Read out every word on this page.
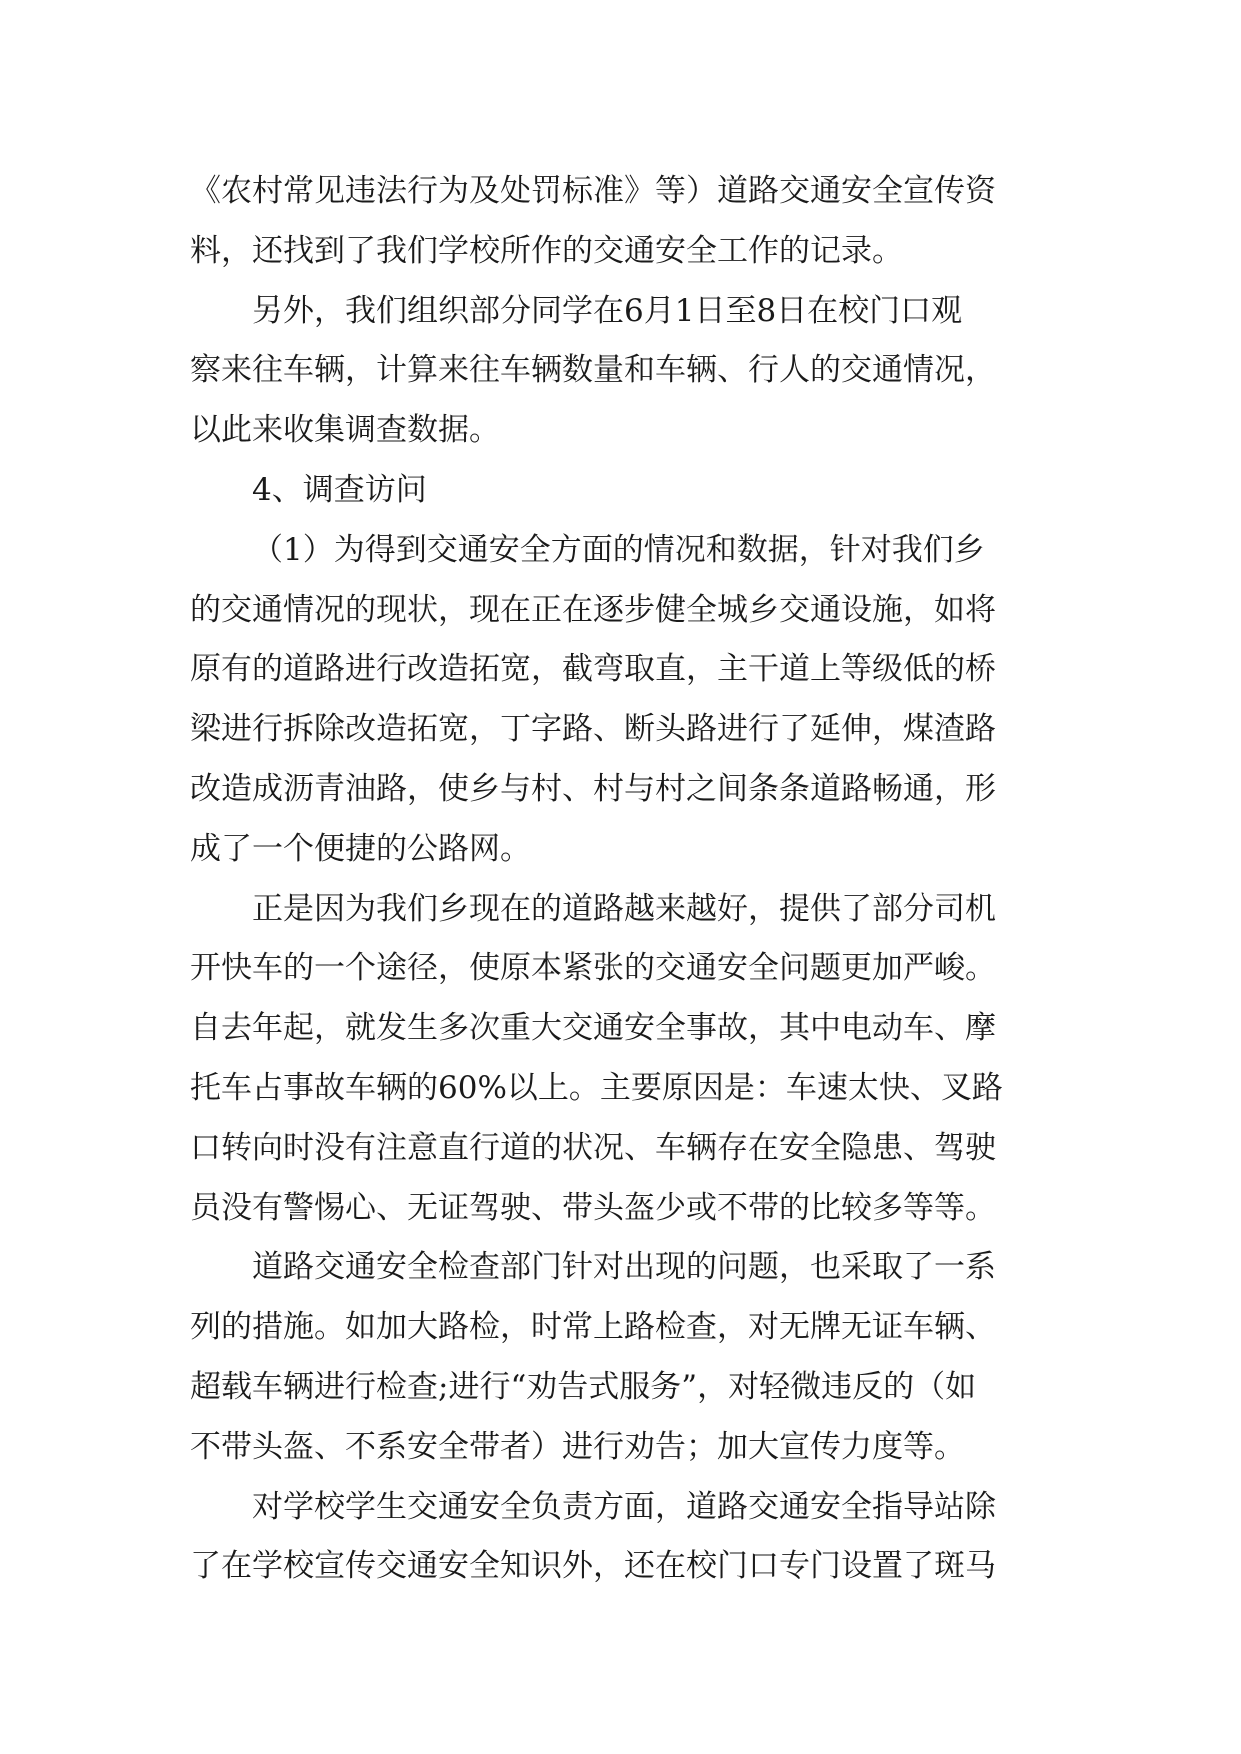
《农村常见违法行为及处罚标准》等）道路交通安全宣传资
料，还找到了我们学校所作的交通安全工作的记录。
另外，我们组织部分同学在6月1日至8日在校门口观
察来往车辆，计算来往车辆数量和车辆、行人的交通情况，
以此来收集调查数据。
4、调查访问
（1）为得到交通安全方面的情况和数据，针对我们乡
的交通情况的现状，现在正在逐步健全城乡交通设施，如将
原有的道路进行改造拓宽，截弯取直，主干道上等级低的桥
梁进行拆除改造拓宽，丁字路、断头路进行了延伸，煤渣路
改造成沥青油路，使乡与村、村与村之间条条道路畅通，形
成了一个便捷的公路网。
正是因为我们乡现在的道路越来越好，提供了部分司机
开快车的一个途径，使原本紧张的交通安全问题更加严峻。
自去年起，就发生多次重大交通安全事故，其中电动车、摩
托车占事故车辆的60%以上。主要原因是：车速太快、叉路
口转向时没有注意直行道的状况、车辆存在安全隐患、驾驶
员没有警惕心、无证驾驶、带头盔少或不带的比较多等等。
道路交通安全检查部门针对出现的问题，也采取了一系
列的措施。如加大路检，时常上路检查，对无牌无证车辆、
超载车辆进行检查;进行“劝告式服务”，对轻微违反的（如
不带头盔、不系安全带者）进行劝告；加大宣传力度等。
对学校学生交通安全负责方面，道路交通安全指导站除
了在学校宣传交通安全知识外，还在校门口专门设置了斑马
